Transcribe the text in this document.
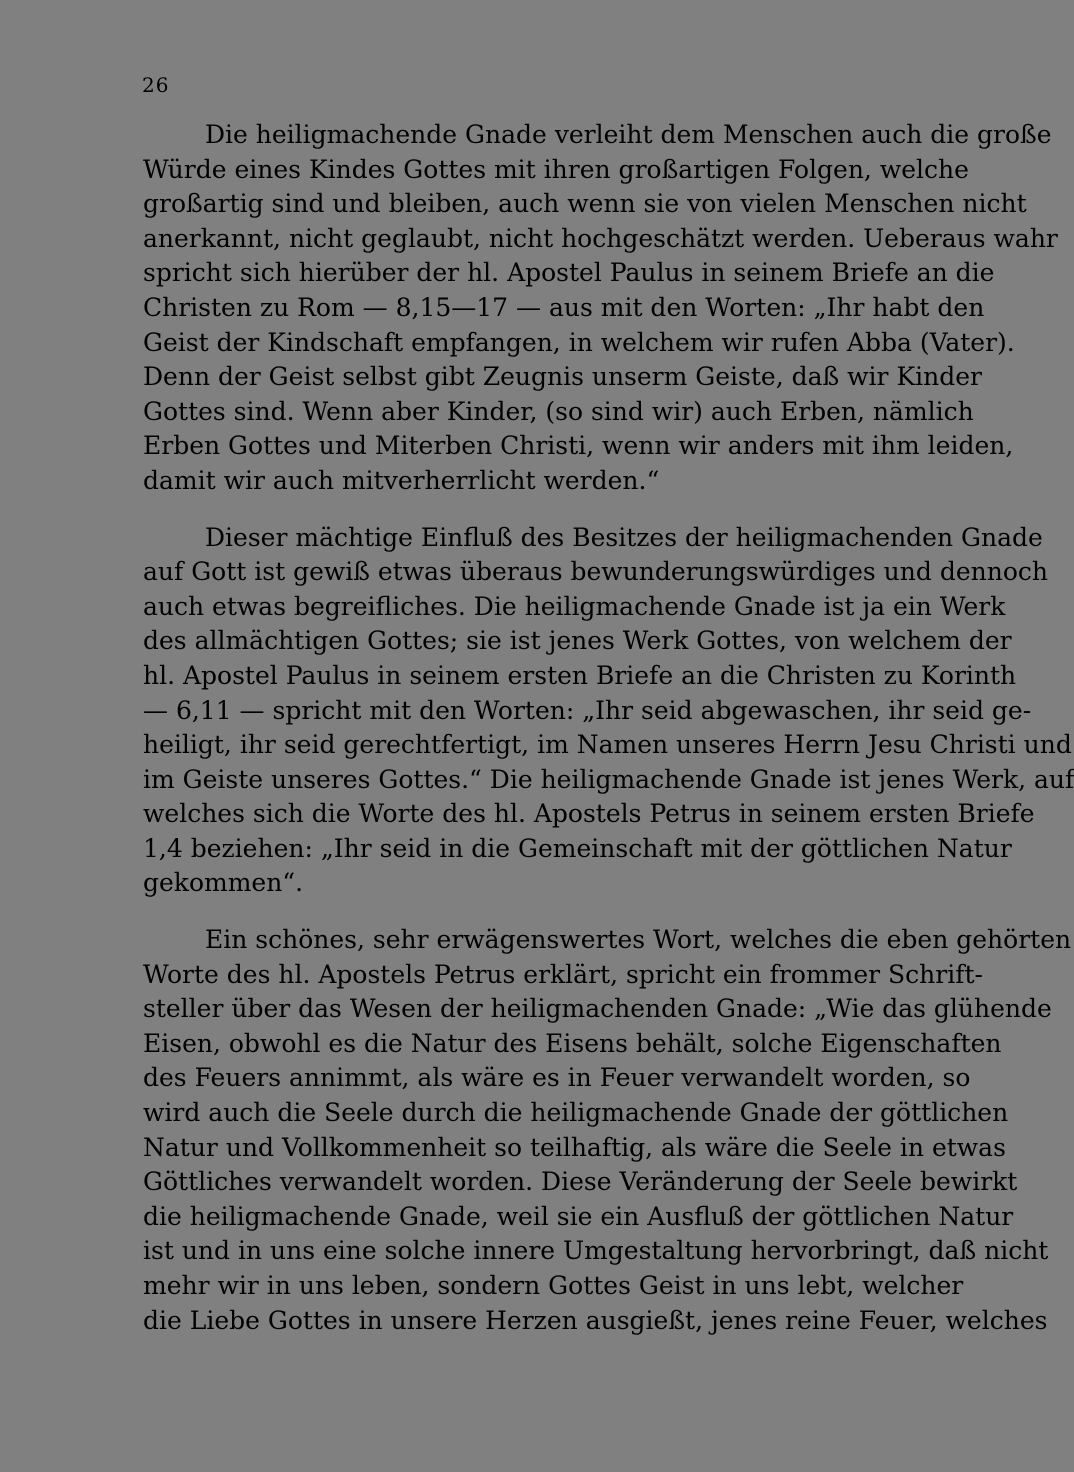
26

Die heiligmachende Gnade verleiht dem Menschen auch die große
Würde eines Kindes Gottes mit ihren großartigen Folgen, welche
großartig sind und bleiben, auch wenn sie von vielen Menschen nicht
anerkannt, nicht geglaubt, nicht hochgeschätzt werden. Ueberaus wahr
spricht sich hierüber der hl. Apostel Paulus in seinem Briefe an die
Christen zu Rom — 8,15—17 — aus mit den Worten: „Ihr habt den
Geist der Kindschaft empfangen, in welchem wir rufen Abba (Vater).
Denn der Geist selbst gibt Zeugnis unserm Geiste, daß wir Kinder
Gottes sind. Wenn aber Kinder, (so sind wir) auch Erben, nämlich
Erben Gottes und Miterben Christi, wenn wir anders mit ihm leiden,
damit wir auch mitverherrlicht werden.“

Dieser mächtige Einfluß des Besitzes der heiligmachenden Gnade
auf Gott ist gewiß etwas überaus bewunderungswürdiges und dennoch
auch etwas begreifliches. Die heiligmachende Gnade ist ja ein Werk
des allmächtigen Gottes; sie ist jenes Werk Gottes, von welchem der
hl. Apostel Paulus in seinem ersten Briefe an die Christen zu Korinth
— 6,11 — spricht mit den Worten: „Ihr seid abgewaschen, ihr seid ge-
heiligt, ihr seid gerechtfertigt, im Namen unseres Herrn Jesu Christi und
im Geiste unseres Gottes.“ Die heiligmachende Gnade ist jenes Werk, auf
welches sich die Worte des hl. Apostels Petrus in seinem ersten Briefe
1,4 beziehen: „Ihr seid in die Gemeinschaft mit der göttlichen Natur
gekommen“.

Ein schönes, sehr erwägenswertes Wort, welches die eben gehörten
Worte des hl. Apostels Petrus erklärt, spricht ein frommer Schrift-
steller über das Wesen der heiligmachenden Gnade: „Wie das glühende
Eisen, obwohl es die Natur des Eisens behält, solche Eigenschaften
des Feuers annimmt, als wäre es in Feuer verwandelt worden, so
wird auch die Seele durch die heiligmachende Gnade der göttlichen
Natur und Vollkommenheit so teilhaftig, als wäre die Seele in etwas
Göttliches verwandelt worden. Diese Veränderung der Seele bewirkt
die heiligmachende Gnade, weil sie ein Ausfluß der göttlichen Natur
ist und in uns eine solche innere Umgestaltung hervorbringt, daß nicht
mehr wir in uns leben, sondern Gottes Geist in uns lebt, welcher
die Liebe Gottes in unsere Herzen ausgießt, jenes reine Feuer, welches
